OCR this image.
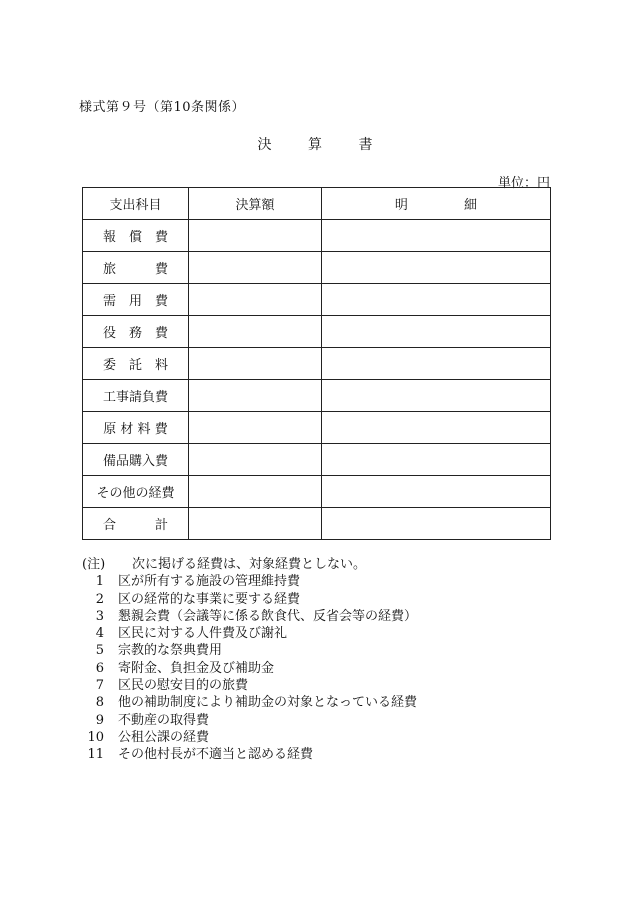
様式第９号（第10条関係）
決 算 書
単位：円
支出科目	決算額	明 細
報　償　費		
旅　　　費		
需　用　費		
役　務　費		
委　託　料		
工事請負費		
原 材 料 費		
備品購入費		
その他の経費		
合　　　計		
(注)	次に掲げる経費は、対象経費としない。
1	区が所有する施設の管理維持費
2	区の経常的な事業に要する経費
3	懇親会費（会議等に係る飲食代、反省会等の経費）
4	区民に対する人件費及び謝礼
5	宗教的な祭典費用
6	寄附金、負担金及び補助金
7	区民の慰安目的の旅費
8	他の補助制度により補助金の対象となっている経費
9	不動産の取得費
10	公租公課の経費
11	その他村長が不適当と認める経費
